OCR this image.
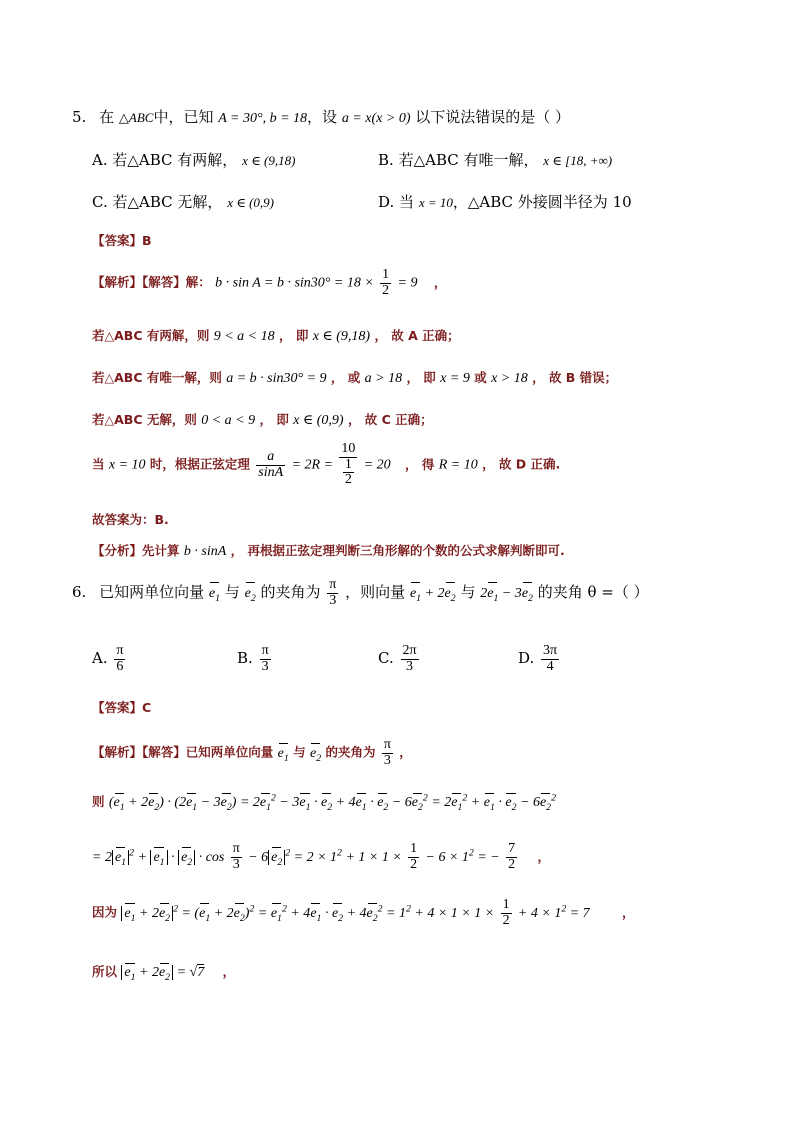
5. 在 △ABC中，已知 A = 30°, b = 18，设 a = x(x > 0) 以下说法错误的是（ ）
A. 若△ABC 有两解， x ∈ (9,18)	B. 若△ABC 有唯一解， x ∈ [18, +∞)
C. 若△ABC 无解， x ∈ (0,9)	D. 当 x = 10，△ABC 外接圆半径为 10
【答案】B
【解析】【解答】解： $b \cdot \sin A = b \cdot \sin 30^\circ = 18 \times \frac{1}{2} = 9$ ，
若△ABC 有两解，则 9 < a < 18 ， 即 x ∈ (9,18) ， 故 A 正确；
若△ABC 有唯一解，则 a = b · sin30° = 9 ， 或 a > 18 ， 即 x = 9 或 x > 18 ， 故 B 错误；
若△ABC 无解，则 0 < a < 9 ， 即 x ∈ (0,9) ， 故 C 正确；
当 x = 10 时，根据正弦定理 $\frac{a}{\sin A} = 2R = \frac{10}{\frac{1}{2}} = 20$ ， 得 R = 10 ， 故 D 正确.
故答案为：B.
【分析】先计算 b · sinA ， 再根据正弦定理判断三角形解的个数的公式求解判断即可.
6. 已知两单位向量 $e_1$ 与 $e_2$ 的夹角为 $\frac{\pi}{3}$ ，则向量 $e_1 + 2e_2$ 与 $2e_1 - 3e_2$ 的夹角 θ =（ ）
A. $\frac{\pi}{6}$	B. $\frac{\pi}{3}$	C. $\frac{2\pi}{3}$	D. $\frac{3\pi}{4}$
【答案】C
【解析】【解答】已知两单位向量 $e_1$ 与 $e_2$ 的夹角为 $\frac{\pi}{3}$ ，
则 $(e_1 + 2e_2) \cdot (2e_1 - 3e_2) = 2e_1^2 - 3e_1 \cdot e_2 + 4e_1 \cdot e_2 - 6e_2^2 = 2e_1^2 + e_1 \cdot e_2 - 6e_2^2$
= 2 $e_1^2 + e_1 \cdot e_2 \cdot \cos \frac{\pi}{3} - 6$ $e_2^2 = 2 \times 1^2 + 1 \times 1 \times \frac{1}{2} - 6 \times 1^2$ = − $\frac{7}{2}$ ，
因为 $e_1 + 2e_2^2 = (e_1 + 2e_2)^2 = e_1^2 + 4e_1 \cdot e_2 + 4e_2^2 = 1^2 + 4 \times 1 \times 1 \times \frac{1}{2} + 4 \times 1^2 = 7$	，
所以 $e_1 + 2e_2 = √7$ ，
